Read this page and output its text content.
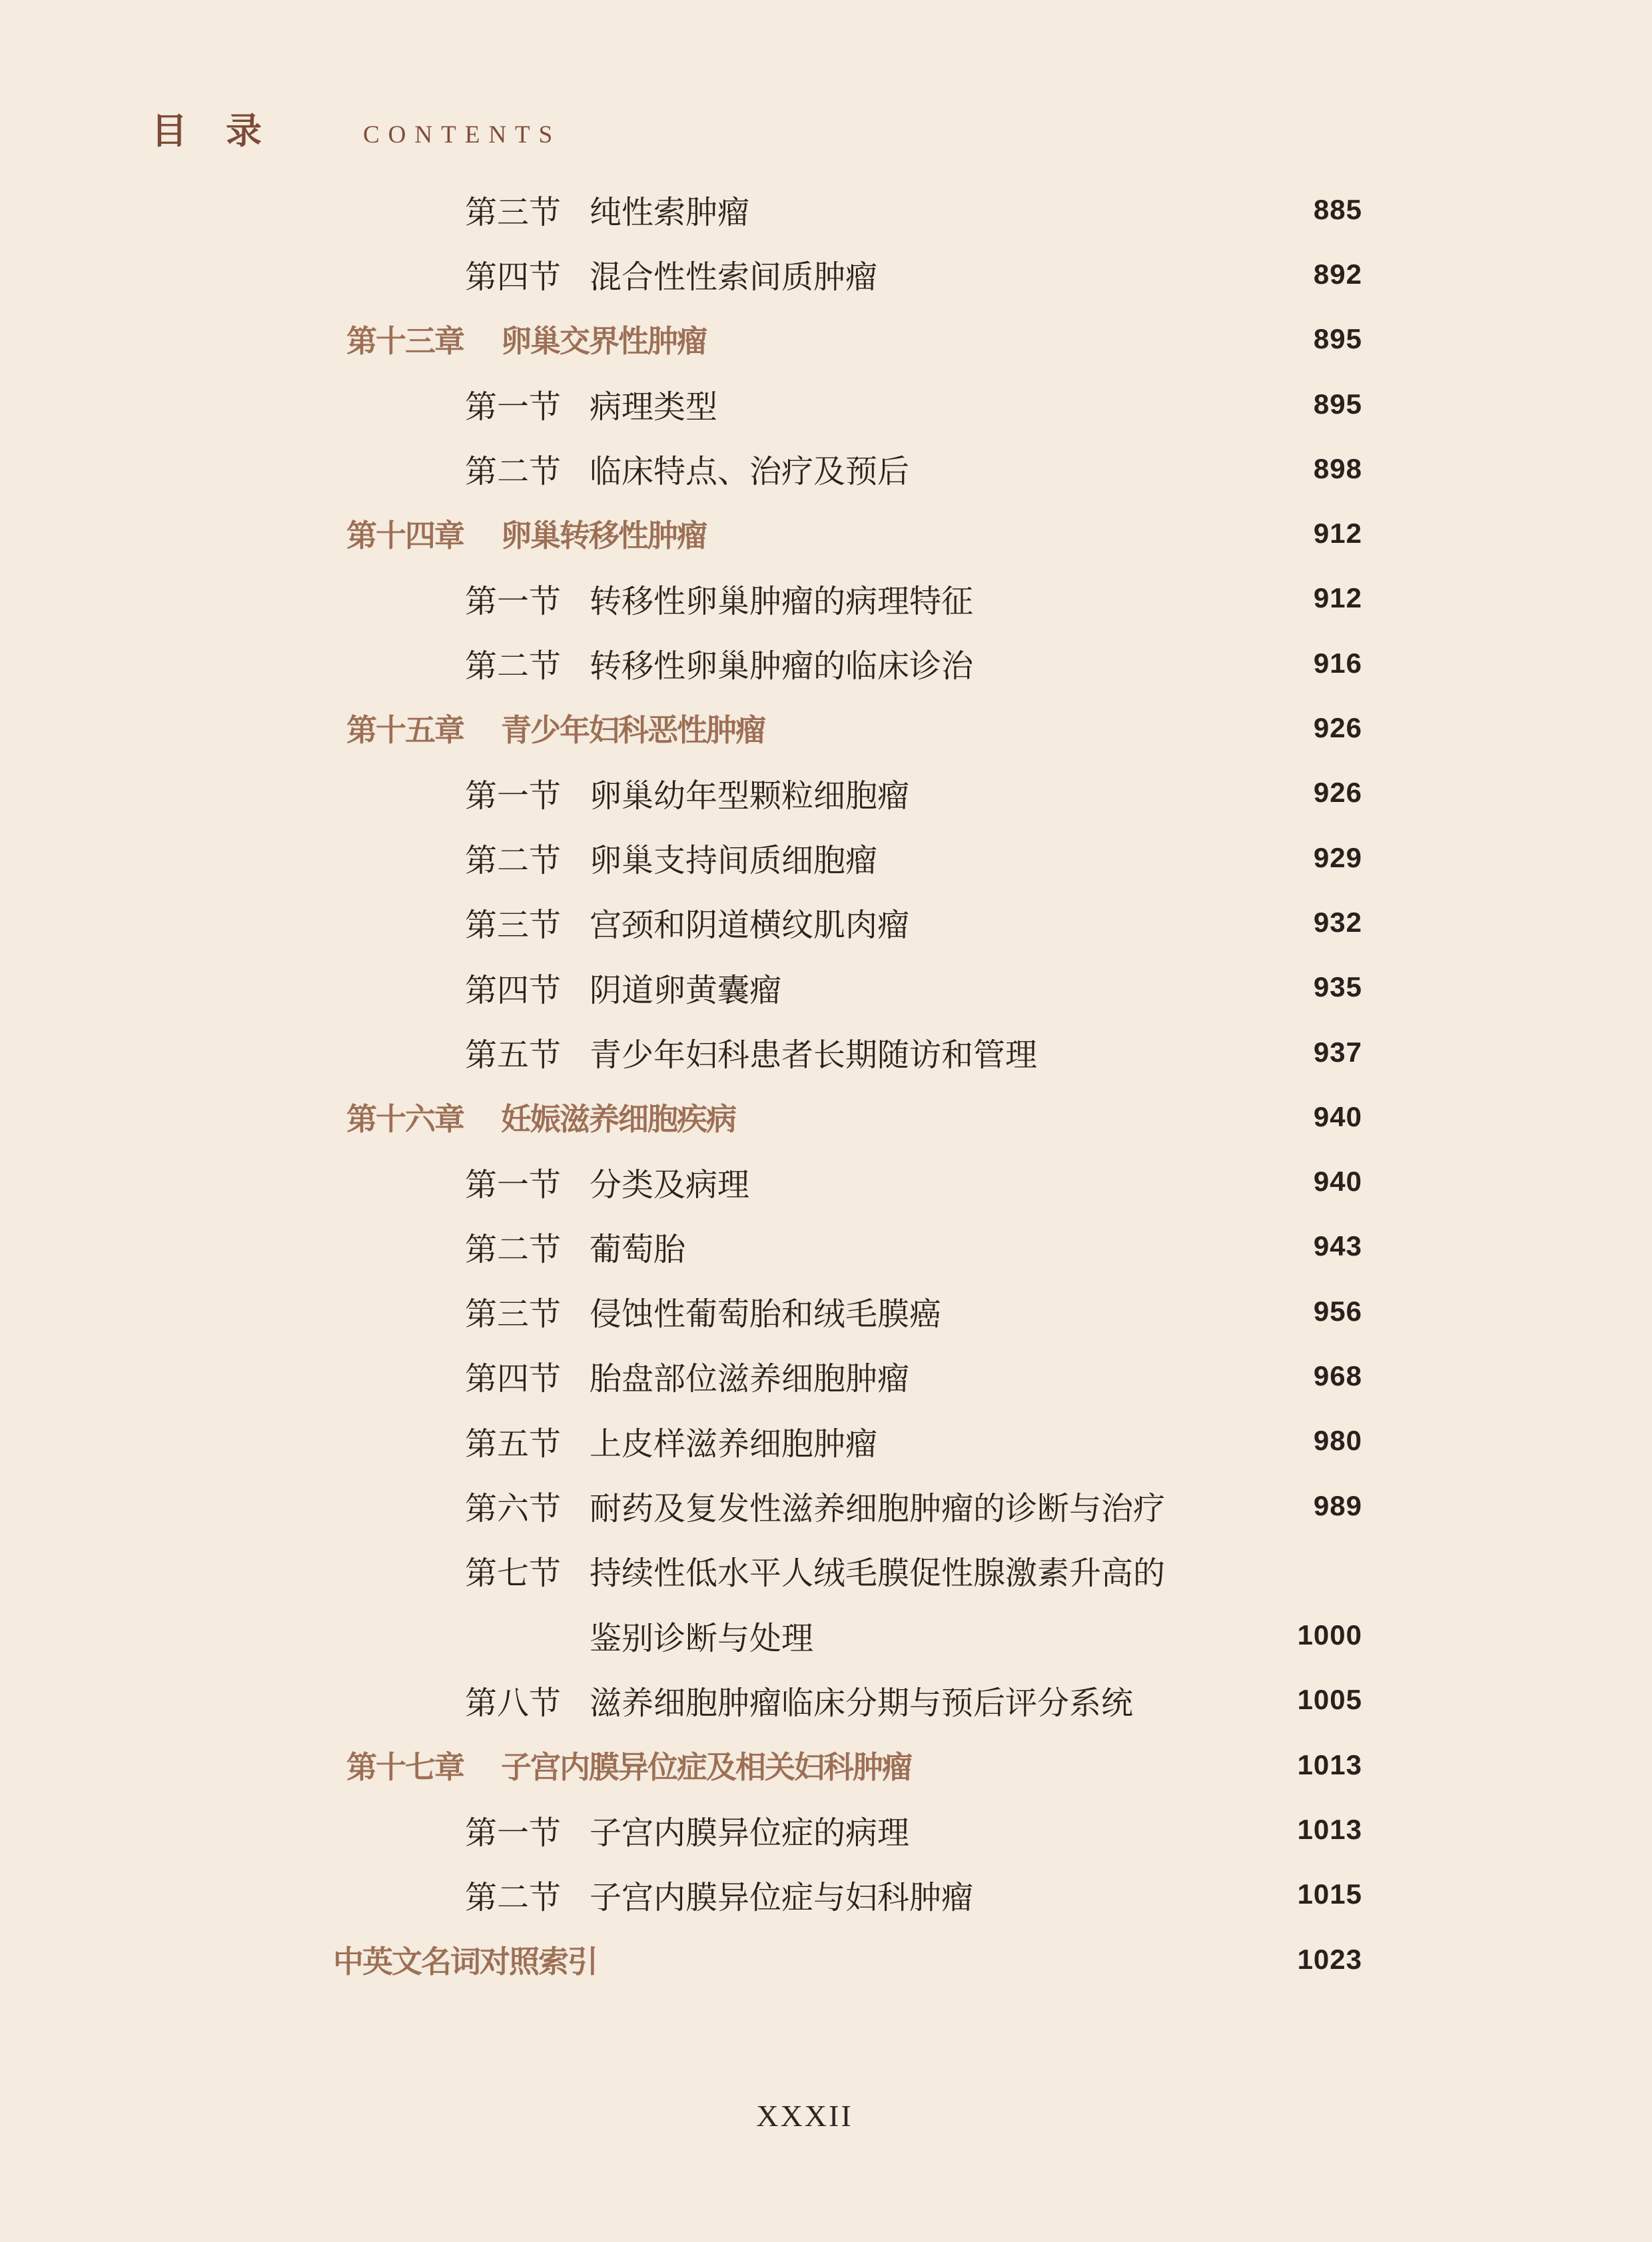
目　录	CONTENTS
第三节 纯性索肿瘤	885
第四节 混合性性索间质肿瘤	892
第十三章 卵巢交界性肿瘤	895
第一节 病理类型	895
第二节 临床特点、治疗及预后	898
第十四章 卵巢转移性肿瘤	912
第一节 转移性卵巢肿瘤的病理特征	912
第二节 转移性卵巢肿瘤的临床诊治	916
第十五章 青少年妇科恶性肿瘤	926
第一节 卵巢幼年型颗粒细胞瘤	926
第二节 卵巢支持间质细胞瘤	929
第三节 宫颈和阴道横纹肌肉瘤	932
第四节 阴道卵黄囊瘤	935
第五节 青少年妇科患者长期随访和管理	937
第十六章 妊娠滋养细胞疾病	940
第一节 分类及病理	940
第二节 葡萄胎	943
第三节 侵蚀性葡萄胎和绒毛膜癌	956
第四节 胎盘部位滋养细胞肿瘤	968
第五节 上皮样滋养细胞肿瘤	980
第六节 耐药及复发性滋养细胞肿瘤的诊断与治疗	989
第七节 持续性低水平人绒毛膜促性腺激素升高的
鉴别诊断与处理	1000
第八节 滋养细胞肿瘤临床分期与预后评分系统	1005
第十七章 子宫内膜异位症及相关妇科肿瘤	1013
第一节 子宫内膜异位症的病理	1013
第二节 子宫内膜异位症与妇科肿瘤	1015
中英文名词对照索引	1023
XXXII
